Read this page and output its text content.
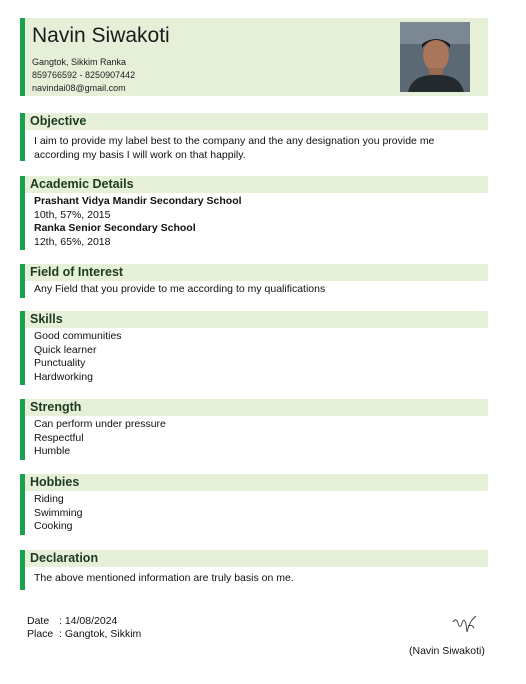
Navin Siwakoti
Gangtok, Sikkim Ranka
859766592 - 8250907442
navindai08@gmail.com
Objective
I aim to provide my label best to the company and the any designation you provide me according my basis I will work on that happily.
Academic Details
Prashant Vidya Mandir Secondary School
10th, 57%, 2015
Ranka Senior Secondary School
12th, 65%, 2018
Field of Interest
Any Field that you provide to me according to my qualifications
Skills
Good communities
Quick learner
Punctuality
Hardworking
Strength
Can perform under pressure
Respectful
Humble
Hobbies
Riding
Swimming
Cooking
Declaration
The above mentioned information are truly basis on me.
Date : 14/08/2024
Place : Gangtok, Sikkim
(Navin Siwakoti)
